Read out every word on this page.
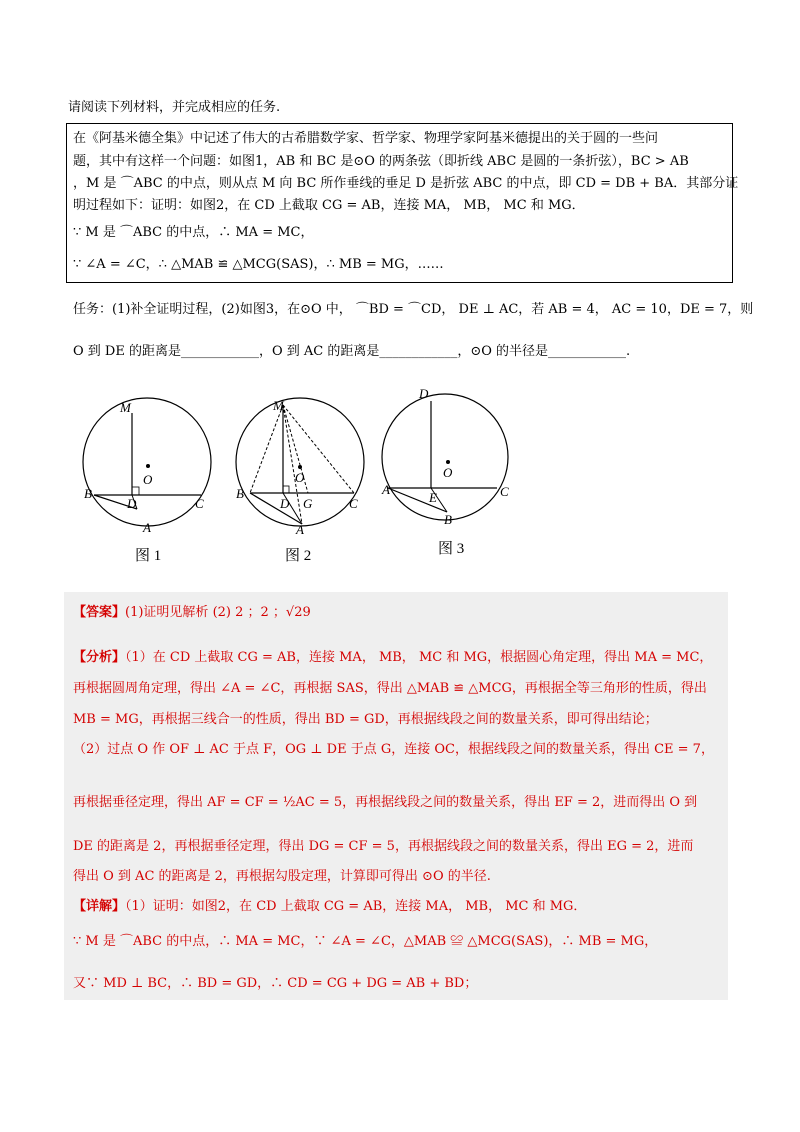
请阅读下列材料，并完成相应的任务.
在《阿基米德全集》中记述了伟大的古希腊数学家、哲学家、物理学家阿基米德提出的关于圆的一些问
题，其中有这样一个问题：如图1，AB 和 BC 是⊙O 的两条弦（即折线 ABC 是圆的一条折弦），BC > AB
，M 是 ⌒ABC 的中点，则从点 M 向 BC 所作垂线的垂足 D 是折弦 ABC 的中点，即 CD = DB + BA．其部分证
明过程如下：证明：如图2，在 CD 上截取 CG = AB，连接 MA， MB， MC 和 MG．
∵ M 是 ⌒ABC 的中点，∴ MA = MC，
∵ ∠A = ∠C，∴ △MAB ≌ △MCG(SAS)，∴ MB = MG，……
任务：(1)补全证明过程，(2)如图3，在⊙O 中， ⌒BD = ⌒CD， DE ⊥ AC，若 AB = 4， AC = 10，DE = 7，则
O 到 DE 的距离是____________，O 到 AC 的距离是____________，⊙O 的半径是____________.
M
O
B
D	C
A
图 1
M
O
B
D G	C
A
图 2
D
O
A
E	C
B
图 3
【答案】(1)证明见解析 (2) 2 ；2 ；√29
【分析】（1）在 CD 上截取 CG = AB，连接 MA， MB， MC 和 MG，根据圆心角定理，得出 MA = MC，
再根据圆周角定理，得出 ∠A = ∠C，再根据 SAS，得出 △MAB ≌ △MCG，再根据全等三角形的性质，得出
MB = MG，再根据三线合一的性质，得出 BD = GD，再根据线段之间的数量关系，即可得出结论；
（2）过点 O 作 OF ⊥ AC 于点 F，OG ⊥ DE 于点 G，连接 OC，根据线段之间的数量关系，得出 CE = 7，
再根据垂径定理，得出 AF = CF = ½AC = 5，再根据线段之间的数量关系，得出 EF = 2，进而得出 O 到
DE 的距离是 2，再根据垂径定理，得出 DG = CF = 5，再根据线段之间的数量关系，得出 EG = 2，进而
得出 O 到 AC 的距离是 2，再根据勾股定理，计算即可得出 ⊙O 的半径.
【详解】（1）证明：如图2，在 CD 上截取 CG = AB，连接 MA， MB， MC 和 MG．
∵ M 是 ⌒ABC 的中点，∴ MA = MC，∵ ∠A = ∠C，△MAB ≌ △MCG(SAS)，∴ MB = MG，
又∵ MD ⊥ BC，∴ BD = GD，∴ CD = CG + DG = AB + BD；
